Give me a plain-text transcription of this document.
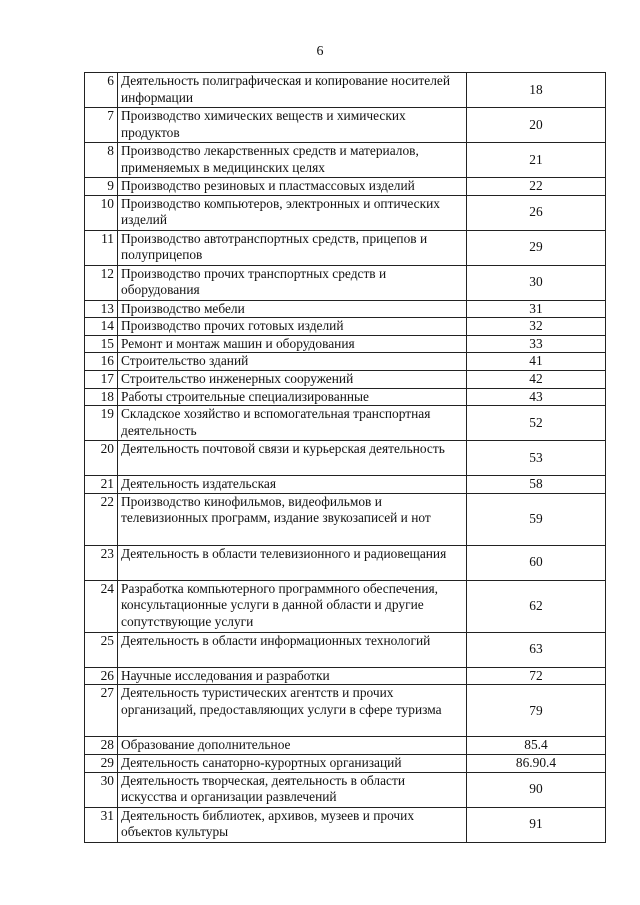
6
6	Деятельность полиграфическая и копирование носителей информации	18
7	Производство химических веществ и химических продуктов	20
8	Производство лекарственных средств и материалов, применяемых в медицинских целях	21
9	Производство резиновых и пластмассовых изделий	22
10	Производство компьютеров, электронных и оптических изделий	26
11	Производство автотранспортных средств, прицепов и полуприцепов	29
12	Производство прочих транспортных средств и оборудования	30
13	Производство мебели	31
14	Производство прочих готовых изделий	32
15	Ремонт и монтаж машин и оборудования	33
16	Строительство зданий	41
17	Строительство инженерных сооружений	42
18	Работы строительные специализированные	43
19	Складское хозяйство и вспомогательная транспортная деятельность	52
20	Деятельность почтовой связи и курьерская деятельность	53
21	Деятельность издательская	58
22	Производство кинофильмов, видеофильмов и телевизионных программ, издание звукозаписей и нот	59
23	Деятельность в области телевизионного и радиовещания	60
24	Разработка компьютерного программного обеспечения, консультационные услуги в данной области и другие сопутствующие услуги	62
25	Деятельность в области информационных технологий	63
26	Научные исследования и разработки	72
27	Деятельность туристических агентств и прочих организаций, предоставляющих услуги в сфере туризма	79
28	Образование дополнительное	85.4
29	Деятельность санаторно-курортных организаций	86.90.4
30	Деятельность творческая, деятельность в области искусства и организации развлечений	90
31	Деятельность библиотек, архивов, музеев и прочих объектов культуры	91
